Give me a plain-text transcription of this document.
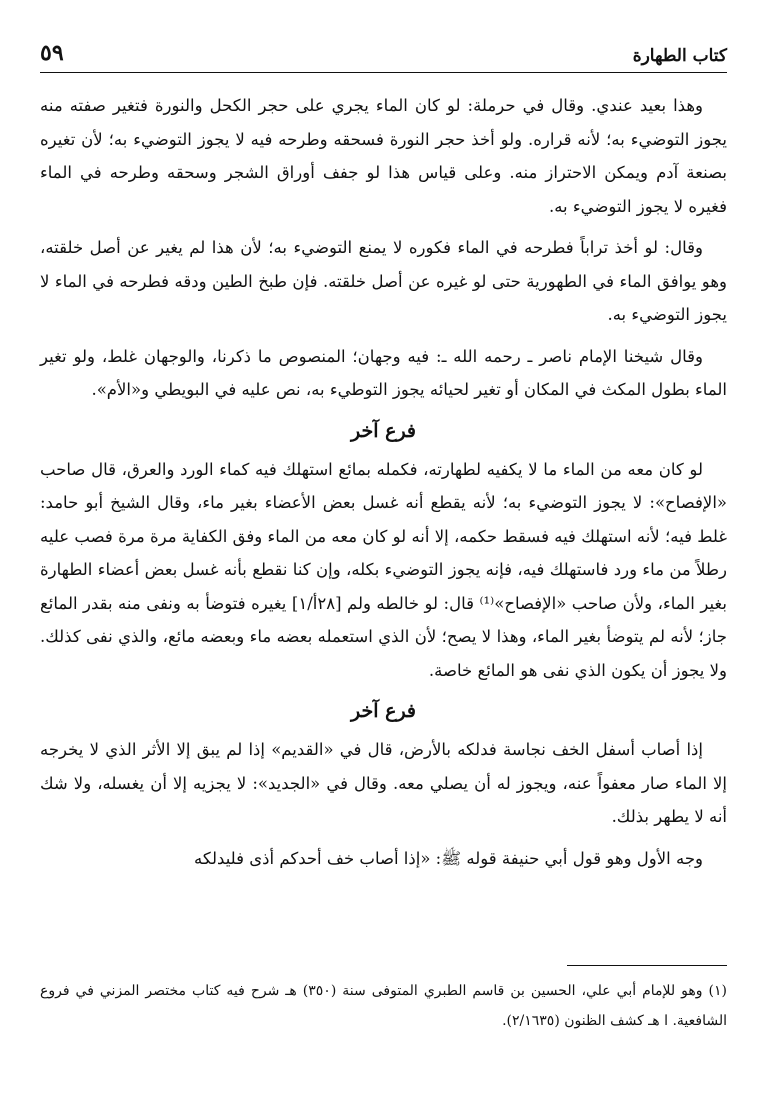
كتاب الطهارة
٥٩

وهذا بعيد عندي. وقال في حرملة: لو كان الماء يجري على حجر الكحل والنورة فتغير صفته منه يجوز التوضيء به؛ لأنه قراره. ولو أخذ حجر النورة فسحقه وطرحه فيه لا يجوز التوضيء به؛ لأن تغيره بصنعة آدم ويمكن الاحتراز منه. وعلى قياس هذا لو جفف أوراق الشجر وسحقه وطرحه في الماء فغيره لا يجوز التوضيء به.

وقال: لو أخذ تراباً فطرحه في الماء فكوره لا يمنع التوضيء به؛ لأن هذا لم يغير عن أصل خلقته، وهو يوافق الماء في الطهورية حتى لو غيره عن أصل خلقته. فإن طبخ الطين ودقه فطرحه في الماء لا يجوز التوضيء به.

وقال شيخنا الإمام ناصر ـ رحمه الله ـ: فيه وجهان؛ المنصوص ما ذكرنا، والوجهان غلط، ولو تغير الماء بطول المكث في المكان أو تغير لحيائه يجوز التوطيء به، نص عليه في البويطي و«الأم».

فرع آخر

لو كان معه من الماء ما لا يكفيه لطهارته، فكمله بمائع استهلك فيه كماء الورد والعرق، قال صاحب «الإفصاح»: لا يجوز التوضيء به؛ لأنه يقطع أنه غسل بعض الأعضاء بغير ماء، وقال الشيخ أبو حامد: غلط فيه؛ لأنه استهلك فيه فسقط حكمه، إلا أنه لو كان معه من الماء وفق الكفاية مرة مرة فصب عليه رطلاً من ماء ورد فاستهلك فيه، فإنه يجوز التوضيء بكله، وإن كنا نقطع بأنه غسل بعض أعضاء الطهارة بغير الماء، ولأن صاحب «الإفصاح»⁽¹⁾ قال: لو خالطه ولم [٢٨أ/١] يغيره فتوضأ به ونفى منه بقدر المائع جاز؛ لأنه لم يتوضأ بغير الماء، وهذا لا يصح؛ لأن الذي استعمله بعضه ماء وبعضه مائع، والذي نفى كذلك. ولا يجوز أن يكون الذي نفى هو المائع خاصة.

فرع آخر

إذا أصاب أسفل الخف نجاسة فدلكه بالأرض، قال في «القديم» إذا لم يبق إلا الأثر الذي لا يخرجه إلا الماء صار معفواً عنه، ويجوز له أن يصلي معه. وقال في «الجديد»: لا يجزيه إلا أن يغسله، ولا شك أنه لا يطهر بذلك.

وجه الأول وهو قول أبي حنيفة قوله ﷺ: «إذا أصاب خف أحدكم أذى فليدلكه

(١) وهو للإمام أبي علي، الحسين بن قاسم الطبري المتوفى سنة (٣٥٠) هـ شرح فيه كتاب مختصر المزني في فروع الشافعية. ا هـ كشف الظنون (٢/١٦٣٥).
